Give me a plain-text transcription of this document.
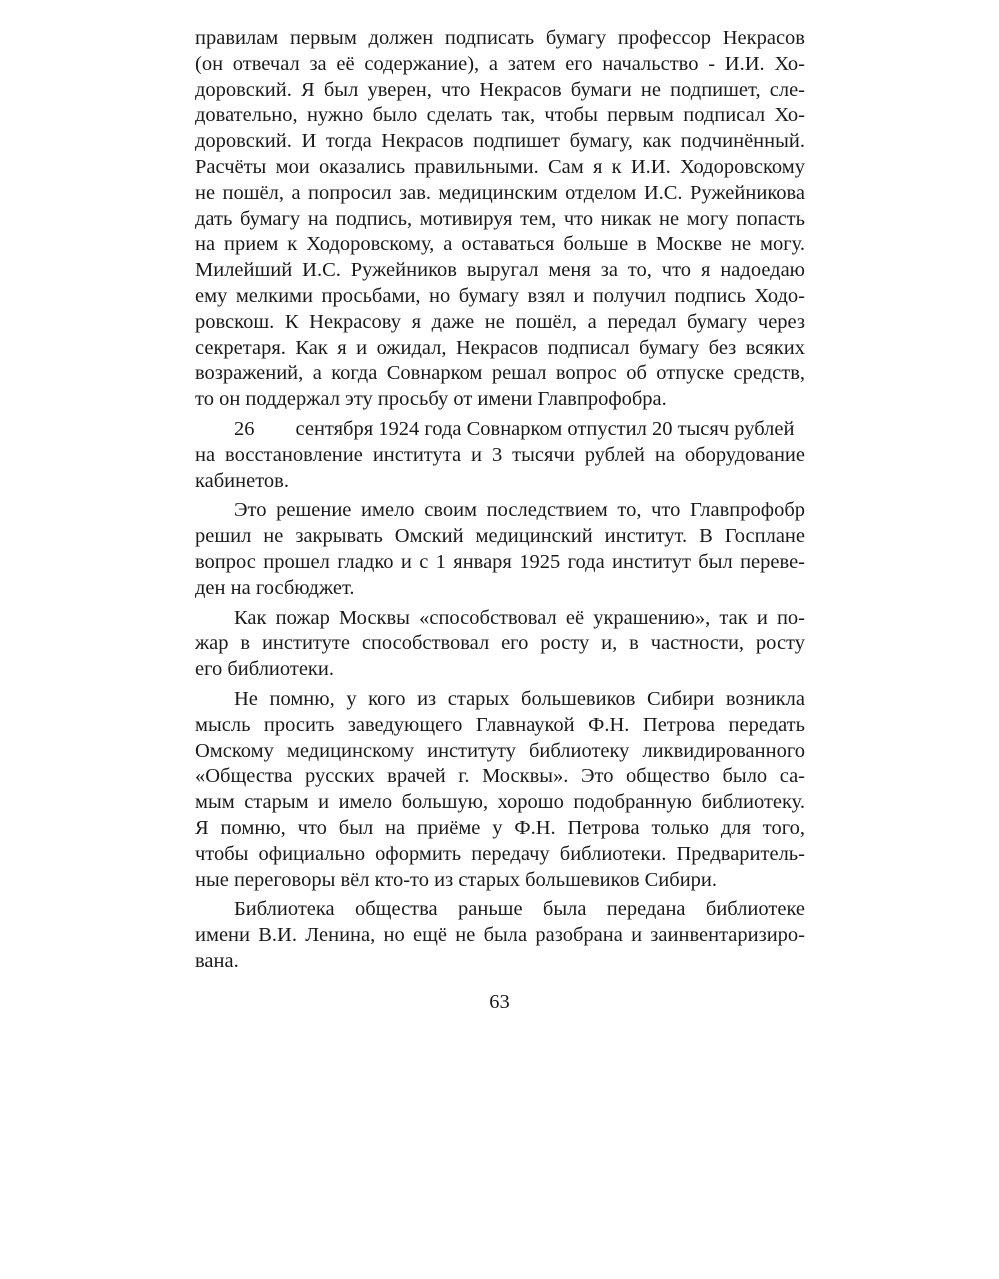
правилам первым должен подписать бумагу профессор Некрасов
(он отвечал за её содержание), а затем его начальство - И.И. Хо-
доровский. Я был уверен, что Некрасов бумаги не подпишет, сле-
довательно, нужно было сделать так, чтобы первым подписал Хо-
доровский. И тогда Некрасов подпишет бумагу, как подчинённый.
Расчёты мои оказались правильными. Сам я к И.И. Ходоровскому
не пошёл, а попросил зав. медицинским отделом И.С. Ружейникова
дать бумагу на подпись, мотивируя тем, что никак не могу попасть
на прием к Ходоровскому, а оставаться больше в Москве не могу.
Милейший И.С. Ружейников выругал меня за то, что я надоедаю
ему мелкими просьбами, но бумагу взял и получил подпись Ходо-
ровскош. К Некрасову я даже не пошёл, а передал бумагу через
секретаря. Как я и ожидал, Некрасов подписал бумагу без всяких
возражений, а когда Совнарком решал вопрос об отпуске средств,
то он поддержал эту просьбу от имени Главпрофобра.
26        сентября 1924 года Совнарком отпустил 20 тысяч рублей
на восстановление института и 3 тысячи рублей на оборудование
кабинетов.
Это решение имело своим последствием то, что Главпрофобр
решил не закрывать Омский медицинский институт. В Госплане
вопрос прошел гладко и с 1 января 1925 года институт был переве-
ден на госбюджет.
Как пожар Москвы «способствовал её украшению», так и по-
жар в институте способствовал его росту и, в частности, росту
его библиотеки.
Не помню, у кого из старых большевиков Сибири возникла
мысль просить заведующего Главнаукой Ф.Н. Петрова передать
Омскому медицинскому институту библиотеку ликвидированного
«Общества русских врачей г. Москвы». Это общество было са-
мым старым и имело большую, хорошо подобранную библиотеку.
Я помню, что был на приёме у Ф.Н. Петрова только для того,
чтобы официально оформить передачу библиотеки. Предваритель-
ные переговоры вёл кто-то из старых большевиков Сибири.
Библиотека общества раньше была передана библиотеке
имени В.И. Ленина, но ещё не была разобрана и заинвентаризиро-
вана.
63
